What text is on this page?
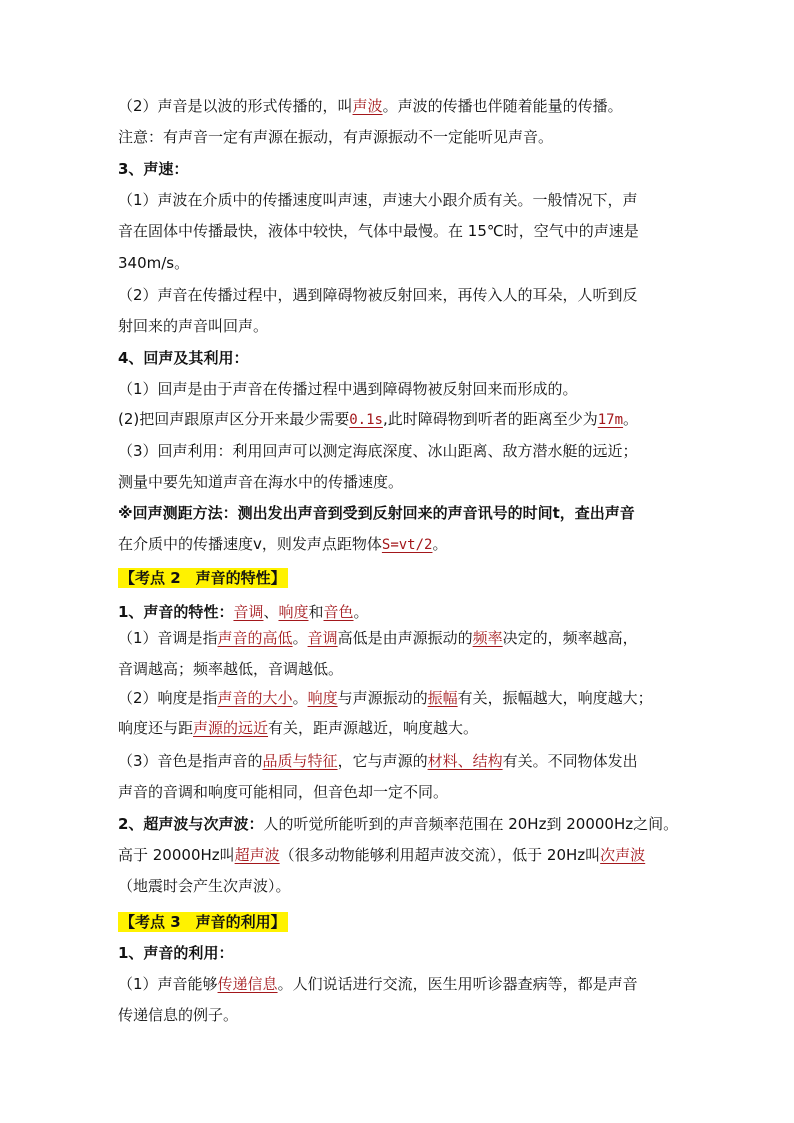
（2）声音是以波的形式传播的，叫声波。声波的传播也伴随着能量的传播。
注意：有声音一定有声源在振动，有声源振动不一定能听见声音。
3、声速：
（1）声波在介质中的传播速度叫声速，声速大小跟介质有关。一般情况下，声
音在固体中传播最快，液体中较快，气体中最慢。在 15℃时，空气中的声速是
340m/s。
（2）声音在传播过程中，遇到障碍物被反射回来，再传入人的耳朵，人听到反
射回来的声音叫回声。
4、回声及其利用：
（1）回声是由于声音在传播过程中遇到障碍物被反射回来而形成的。
(2)把回声跟原声区分开来最少需要0.1s,此时障碍物到听者的距离至少为17m。
（3）回声利用：利用回声可以测定海底深度、冰山距离、敌方潜水艇的远近；
测量中要先知道声音在海水中的传播速度。
※回声测距方法：测出发出声音到受到反射回来的声音讯号的时间t，查出声音
在介质中的传播速度v，则发声点距物体S=vt/2。
【考点 2　声音的特性】
1、声音的特性：音调、响度和音色。
（1）音调是指声音的高低。音调高低是由声源振动的频率决定的，频率越高，
音调越高；频率越低，音调越低。
（2）响度是指声音的大小。响度与声源振动的振幅有关，振幅越大，响度越大；
响度还与距声源的远近有关，距声源越近，响度越大。
（3）音色是指声音的品质与特征，它与声源的材料、结构有关。不同物体发出
声音的音调和响度可能相同，但音色却一定不同。
2、超声波与次声波：人的听觉所能听到的声音频率范围在 20Hz到 20000Hz之间。
高于 20000Hz叫超声波（很多动物能够利用超声波交流），低于 20Hz叫次声波
（地震时会产生次声波）。
【考点 3　声音的利用】
1、声音的利用：
（1）声音能够传递信息。人们说话进行交流，医生用听诊器查病等，都是声音
传递信息的例子。
